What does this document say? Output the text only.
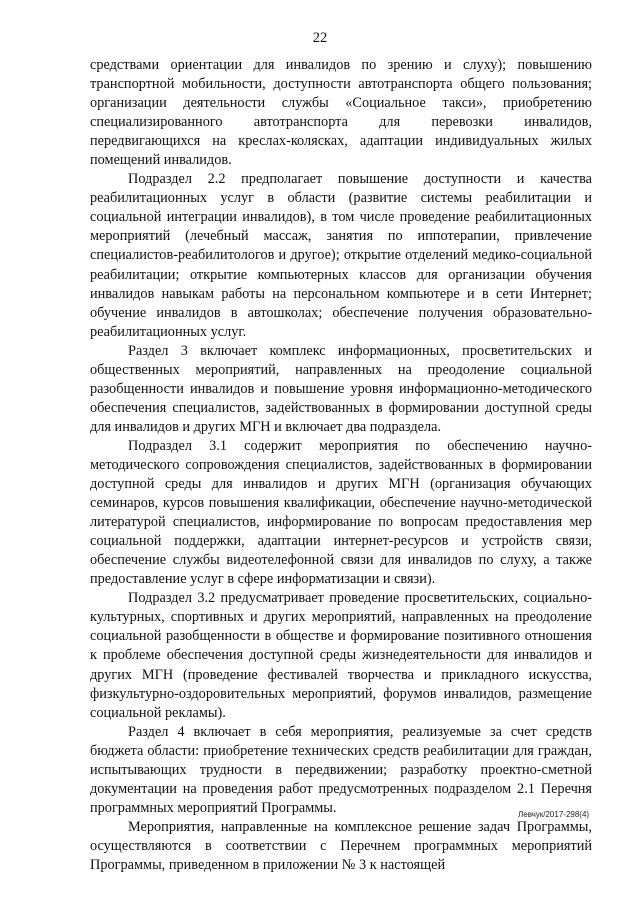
22

средствами ориентации для инвалидов по зрению и слуху); повышению транспортной мобильности, доступности автотранспорта общего пользования; организации деятельности службы «Социальное такси», приобретению специализированного автотранспорта для перевозки инвалидов, передвигающихся на креслах-колясках, адаптации индивидуальных жилых помещений инвалидов.

Подраздел 2.2 предполагает повышение доступности и качества реабилитационных услуг в области (развитие системы реабилитации и социальной интеграции инвалидов), в том числе проведение реабилитационных мероприятий (лечебный массаж, занятия по иппотерапии, привлечение специалистов-реабилитологов и другое); открытие отделений медико-социальной реабилитации; открытие компьютерных классов для организации обучения инвалидов навыкам работы на персональном компьютере и в сети Интернет; обучение инвалидов в автошколах; обеспечение получения образовательно-реабилитационных услуг.

Раздел 3 включает комплекс информационных, просветительских и общественных мероприятий, направленных на преодоление социальной разобщенности инвалидов и повышение уровня информационно-методического обеспечения специалистов, задействованных в формировании доступной среды для инвалидов и других МГН и включает два подраздела.

Подраздел 3.1 содержит мероприятия по обеспечению научно-методического сопровождения специалистов, задействованных в формировании доступной среды для инвалидов и других МГН (организация обучающих семинаров, курсов повышения квалификации, обеспечение научно-методической литературой специалистов, информирование по вопросам предоставления мер социальной поддержки, адаптации интернет-ресурсов и устройств связи, обеспечение службы видеотелефонной связи для инвалидов по слуху, а также предоставление услуг в сфере информатизации и связи).

Подраздел 3.2 предусматривает проведение просветительских, социально-культурных, спортивных и других мероприятий, направленных на преодоление социальной разобщенности в обществе и формирование позитивного отношения к проблеме обеспечения доступной среды жизнедеятельности для инвалидов и других МГН (проведение фестивалей творчества и прикладного искусства, физкультурно-оздоровительных мероприятий, форумов инвалидов, размещение социальной рекламы).

Раздел 4 включает в себя мероприятия, реализуемые за счет средств бюджета области: приобретение технических средств реабилитации для граждан, испытывающих трудности в передвижении; разработку проектно-сметной документации на проведения работ предусмотренных подразделом 2.1 Перечня программных мероприятий Программы.

Мероприятия, направленные на комплексное решение задач Программы, осуществляются в соответствии с Перечнем программных мероприятий Программы, приведенном в приложении № 3 к настоящей

Левчук/2017-298(4)
